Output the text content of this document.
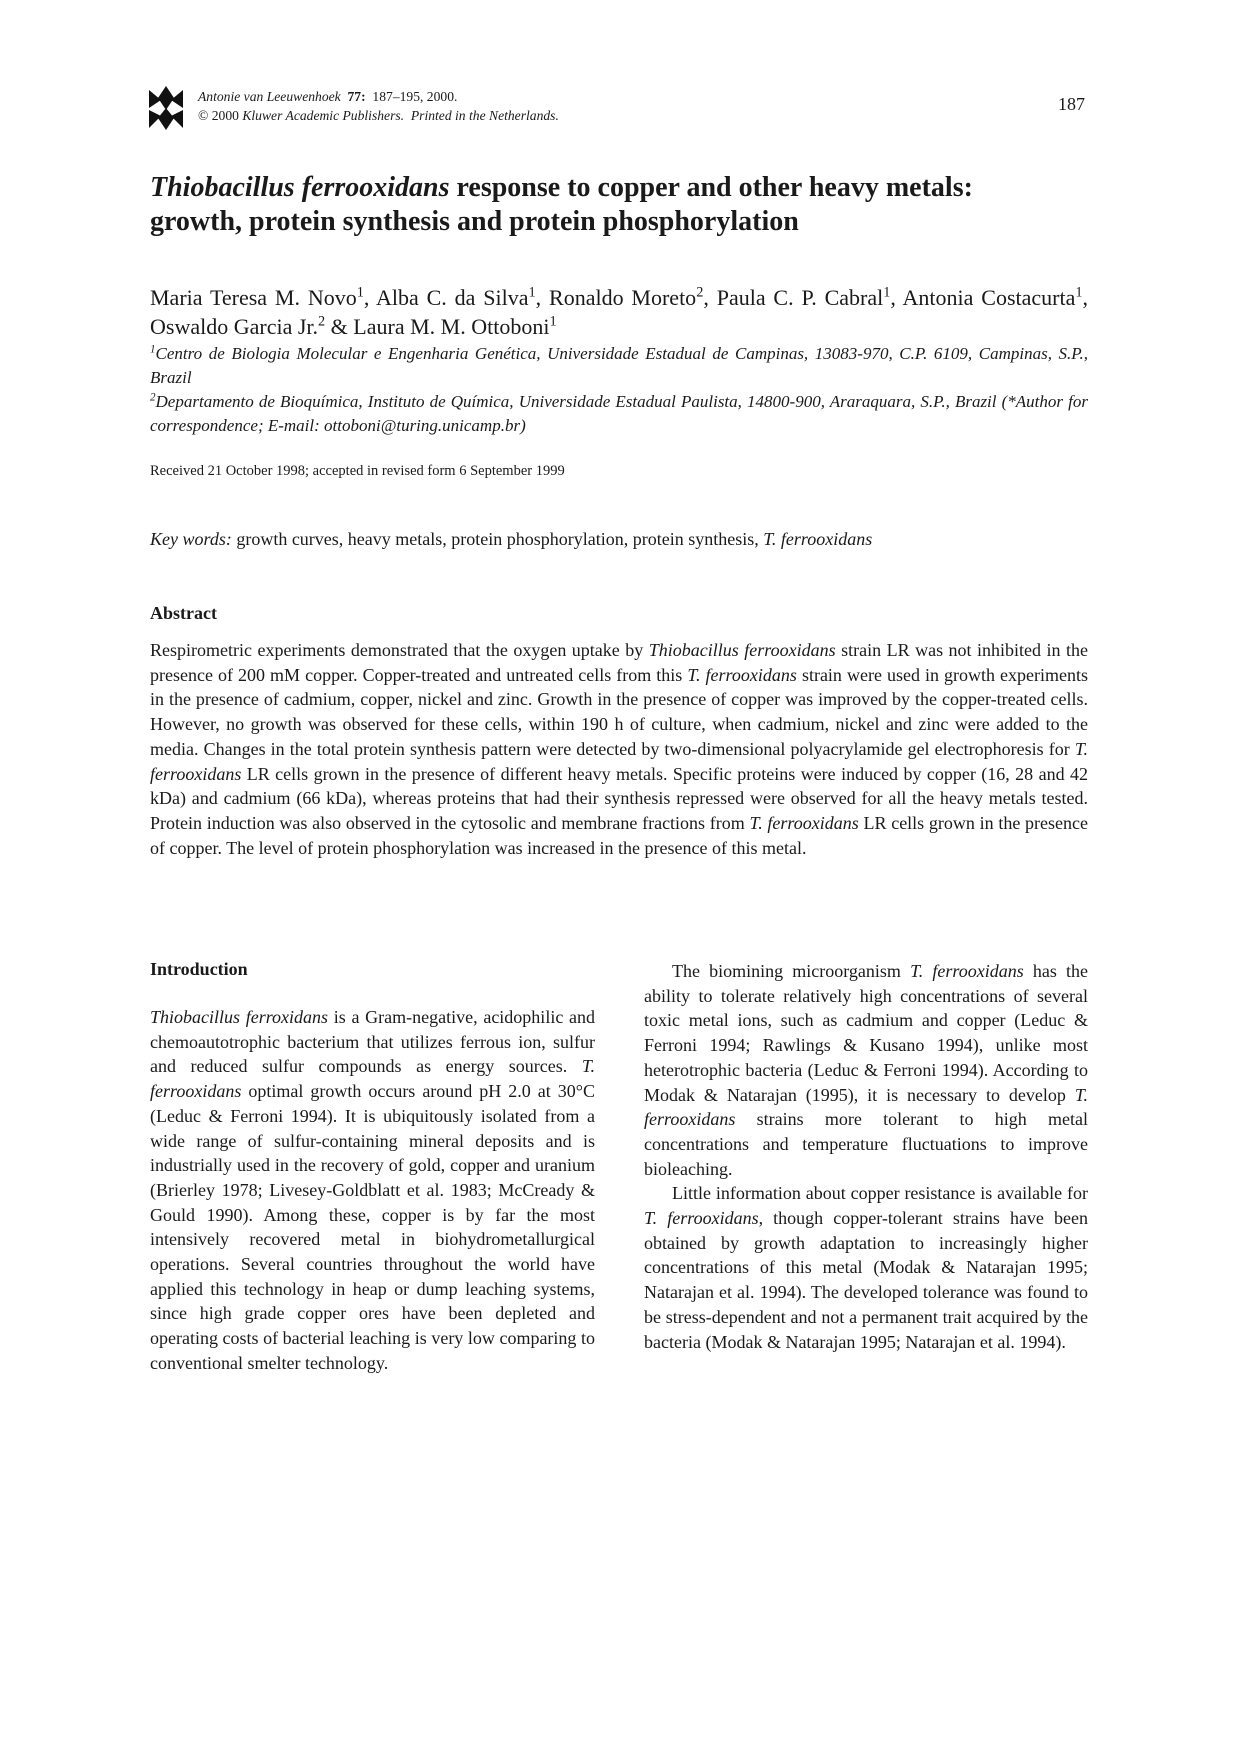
Antonie van Leeuwenhoek 77: 187–195, 2000.
© 2000 Kluwer Academic Publishers. Printed in the Netherlands.
187
Thiobacillus ferrooxidans response to copper and other heavy metals:
growth, protein synthesis and protein phosphorylation
Maria Teresa M. Novo$^1$, Alba C. da Silva$^1$, Ronaldo Moreto$^2$, Paula C. P. Cabral$^1$, Antonia Costacurta$^1$, Oswaldo Garcia Jr.$^2$ & Laura M. M. Ottoboni$^1$
$^1$Centro de Biologia Molecular e Engenharia Genética, Universidade Estadual de Campinas, 13083-970, C.P. 6109, Campinas, S.P., Brazil
$^2$Departamento de Bioquímica, Instituto de Química, Universidade Estadual Paulista, 14800-900, Araraquara, S.P., Brazil (*Author for correspondence; E-mail: ottoboni@turing.unicamp.br)
Received 21 October 1998; accepted in revised form 6 September 1999
Key words: growth curves, heavy metals, protein phosphorylation, protein synthesis, T. ferrooxidans
Abstract
Respirometric experiments demonstrated that the oxygen uptake by Thiobacillus ferrooxidans strain LR was not inhibited in the presence of 200 mM copper. Copper-treated and untreated cells from this T. ferrooxidans strain were used in growth experiments in the presence of cadmium, copper, nickel and zinc. Growth in the presence of copper was improved by the copper-treated cells. However, no growth was observed for these cells, within 190 h of culture, when cadmium, nickel and zinc were added to the media. Changes in the total protein synthesis pattern were detected by two-dimensional polyacrylamide gel electrophoresis for T. ferrooxidans LR cells grown in the presence of different heavy metals. Specific proteins were induced by copper (16, 28 and 42 kDa) and cadmium (66 kDa), whereas proteins that had their synthesis repressed were observed for all the heavy metals tested. Protein induction was also observed in the cytosolic and membrane fractions from T. ferrooxidans LR cells grown in the presence of copper. The level of protein phosphorylation was increased in the presence of this metal.
Introduction
Thiobacillus ferroxidans is a Gram-negative, acidophilic and chemoautotrophic bacterium that utilizes ferrous ion, sulfur and reduced sulfur compounds as energy sources. T. ferrooxidans optimal growth occurs around pH 2.0 at 30°C (Leduc & Ferroni 1994). It is ubiquitously isolated from a wide range of sulfur-containing mineral deposits and is industrially used in the recovery of gold, copper and uranium (Brierley 1978; Livesey-Goldblatt et al. 1983; McCready & Gould 1990). Among these, copper is by far the most intensively recovered metal in biohydrometallurgical operations. Several countries throughout the world have applied this technology in heap or dump leaching systems, since high grade copper ores have been depleted and operating costs of bacterial leaching is very low comparing to conventional smelter technology.

The biomining microorganism T. ferrooxidans has the ability to tolerate relatively high concentrations of several toxic metal ions, such as cadmium and copper (Leduc & Ferroni 1994; Rawlings & Kusano 1994), unlike most heterotrophic bacteria (Leduc & Ferroni 1994). According to Modak & Natarajan (1995), it is necessary to develop T. ferrooxidans strains more tolerant to high metal concentrations and temperature fluctuations to improve bioleaching.

Little information about copper resistance is available for T. ferrooxidans, though copper-tolerant strains have been obtained by growth adaptation to increasingly higher concentrations of this metal (Modak & Natarajan 1995; Natarajan et al. 1994). The developed tolerance was found to be stress-dependent and not a permanent trait acquired by the bacteria (Modak & Natarajan 1995; Natarajan et al. 1994).
